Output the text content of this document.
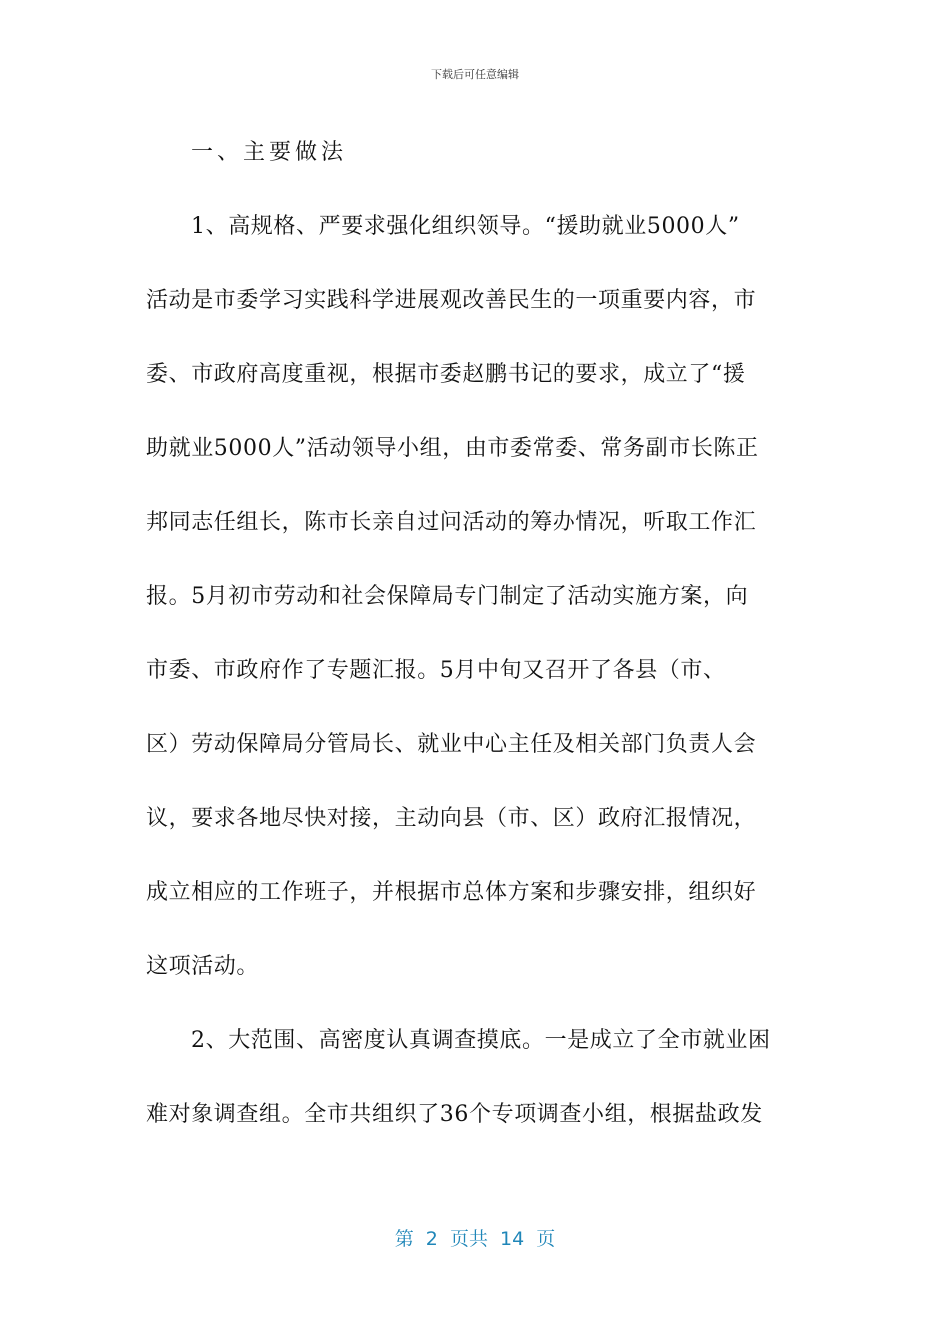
下载后可任意编辑
一、主要做法
1、高规格、严要求强化组织领导。“援助就业5000人”
活动是市委学习实践科学进展观改善民生的一项重要内容，市
委、市政府高度重视，根据市委赵鹏书记的要求，成立了“援
助就业5000人”活动领导小组，由市委常委、常务副市长陈正
邦同志任组长，陈市长亲自过问活动的筹办情况，听取工作汇
报。5月初市劳动和社会保障局专门制定了活动实施方案，向
市委、市政府作了专题汇报。5月中旬又召开了各县（市、
区）劳动保障局分管局长、就业中心主任及相关部门负责人会
议，要求各地尽快对接，主动向县（市、区）政府汇报情况，
成立相应的工作班子，并根据市总体方案和步骤安排，组织好
这项活动。
2、大范围、高密度认真调查摸底。一是成立了全市就业困
难对象调查组。全市共组织了36个专项调查小组，根据盐政发
第  2  页共  14  页
